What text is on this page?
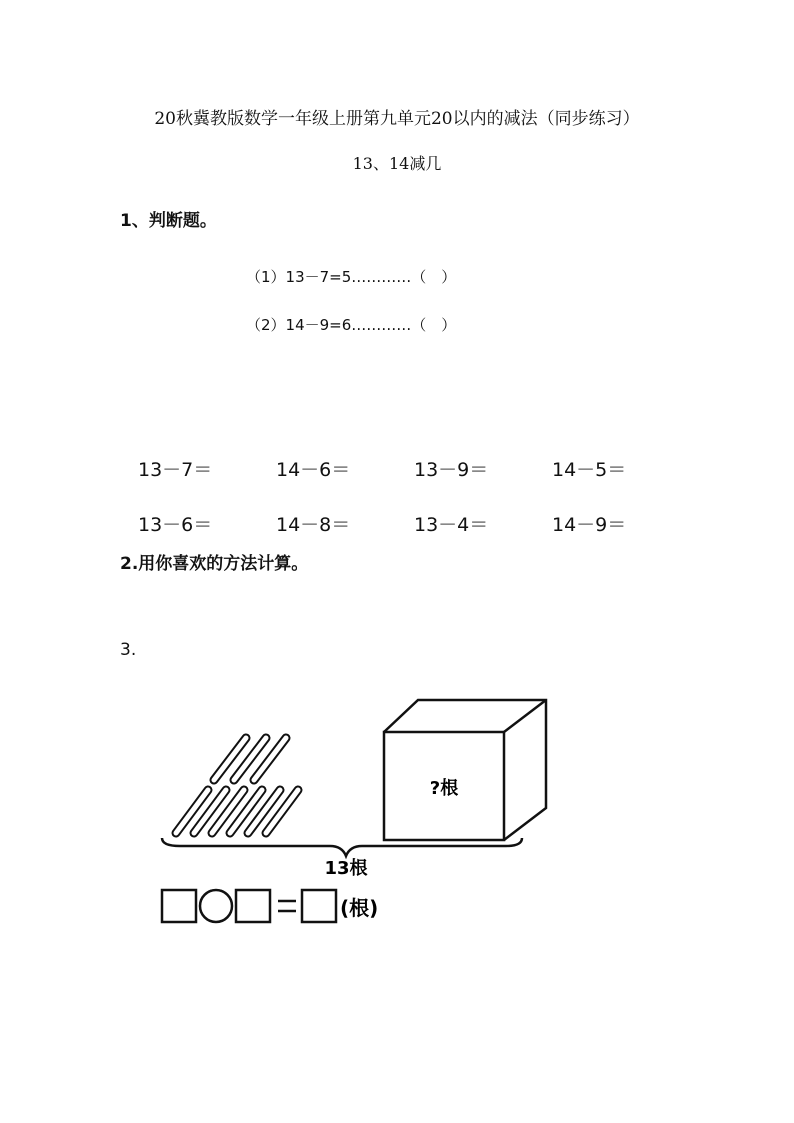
20秋冀教版数学一年级上册第九单元20以内的减法（同步练习）
13、14减几
1、判断题。
（1）13－7=5…………（　）
（2）14－9=6…………（　）
13－7＝	14－6＝	13－9＝	14－5＝
13－6＝	14－8＝	13－4＝	14－9＝
2.用你喜欢的方法计算。
3.
?根
13根
(根)
